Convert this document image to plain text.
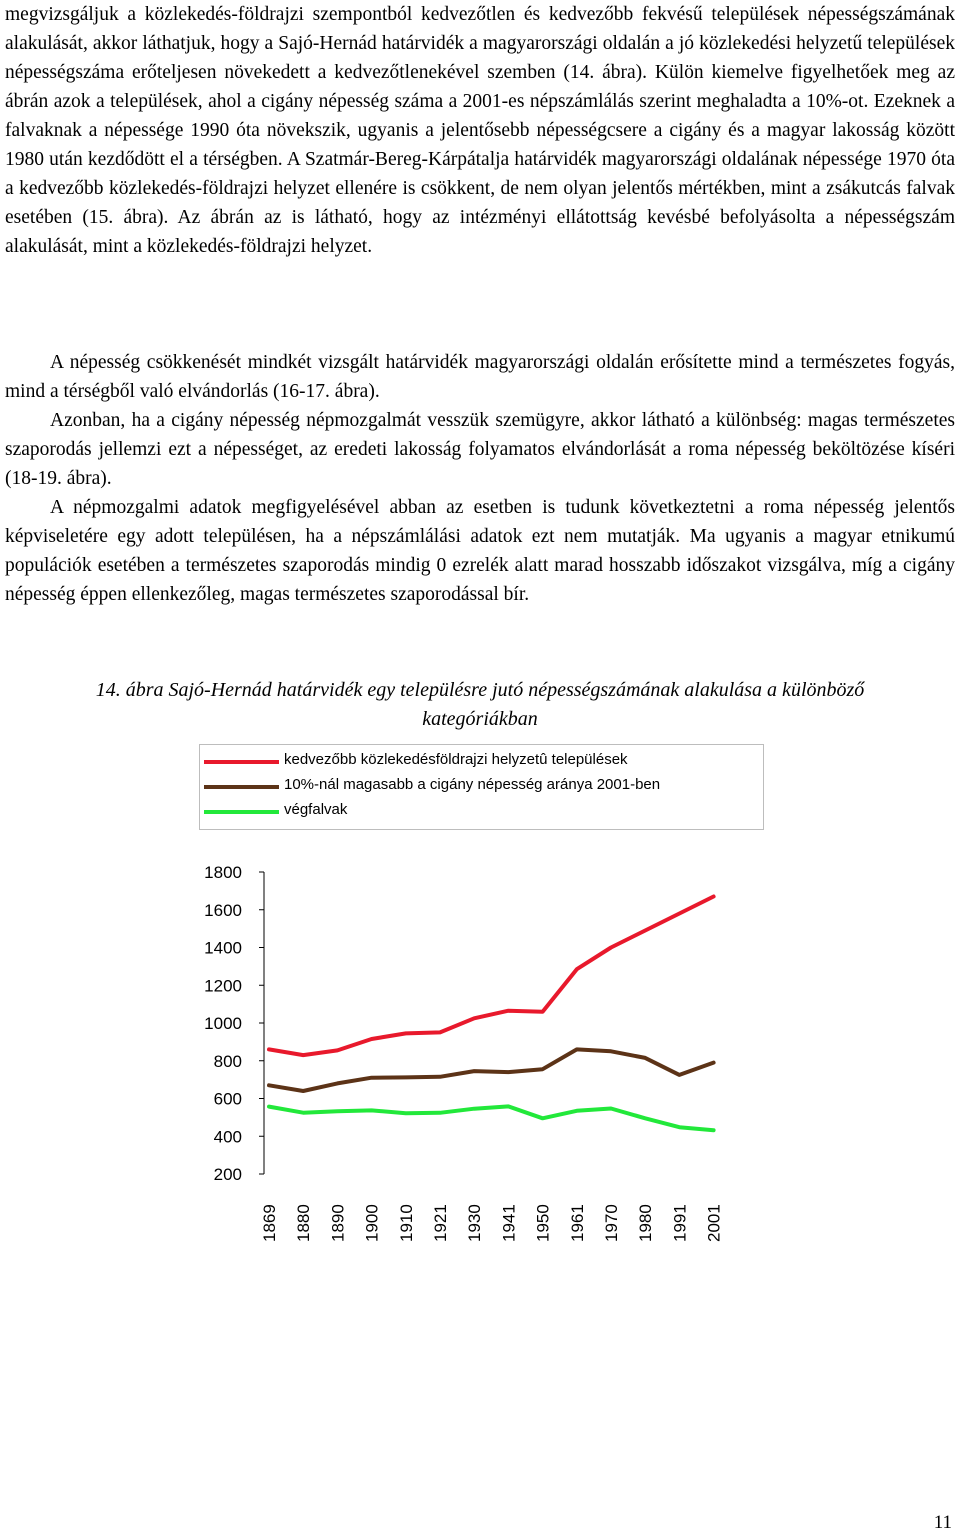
megvizsgáljuk a közlekedés-földrajzi szempontból kedvezőtlen és kedvezőbb fekvésű települések népességszámának alakulását, akkor láthatjuk, hogy a Sajó-Hernád határvidék a magyarországi oldalán a jó közlekedési helyzetű települések népességszáma erőteljesen növekedett a kedvezőtlenekével szemben (14. ábra). Külön kiemelve figyelhetőek meg az ábrán azok a települések, ahol a cigány népesség száma a 2001-es népszámlálás szerint meghaladta a 10%-ot. Ezeknek a falvaknak a népessége 1990 óta növekszik, ugyanis a jelentősebb népességcsere a cigány és a magyar lakosság között 1980 után kezdődött el a térségben. A Szatmár-Bereg-Kárpátalja határvidék magyarországi oldalának népessége 1970 óta a kedvezőbb közlekedés-földrajzi helyzet ellenére is csökkent, de nem olyan jelentős mértékben, mint a zsákutcás falvak esetében (15. ábra). Az ábrán az is látható, hogy az intézményi ellátottság kevésbé befolyásolta a népességszám alakulását, mint a közlekedés-földrajzi helyzet.

A népesség csökkenését mindkét vizsgált határvidék magyarországi oldalán erősítette mind a természetes fogyás, mind a térségből való elvándorlás (16-17. ábra).

Azonban, ha a cigány népesség népmozgalmát vesszük szemügyre, akkor látható a különbség: magas természetes szaporodás jellemzi ezt a népességet, az eredeti lakosság folyamatos elvándorlását a roma népesség beköltözése kíséri (18-19. ábra).

A népmozgalmi adatok megfigyelésével abban az esetben is tudunk következtetni a roma népesség jelentős képviseletére egy adott településen, ha a népszámlálási adatok ezt nem mutatják. Ma ugyanis a magyar etnikumú populációk esetében a természetes szaporodás mindig 0 ezrelék alatt marad hosszabb időszakot vizsgálva, míg a cigány népesség éppen ellenkezőleg, magas természetes szaporodással bír.

14. ábra Sajó-Hernád határvidék egy településre jutó népességszámának alakulása a különböző kategóriákban
kedvezőbb közlekedésföldrajzi helyzetû települések
10%-nál magasabb a cigány népesség aránya 2001-ben
végfalvak
1800
1600
1400
1200
1000
800
600
400
200
1869 1880 1890 1900 1910 1921 1930 1941 1950 1961 1970 1980 1991 2001
11
